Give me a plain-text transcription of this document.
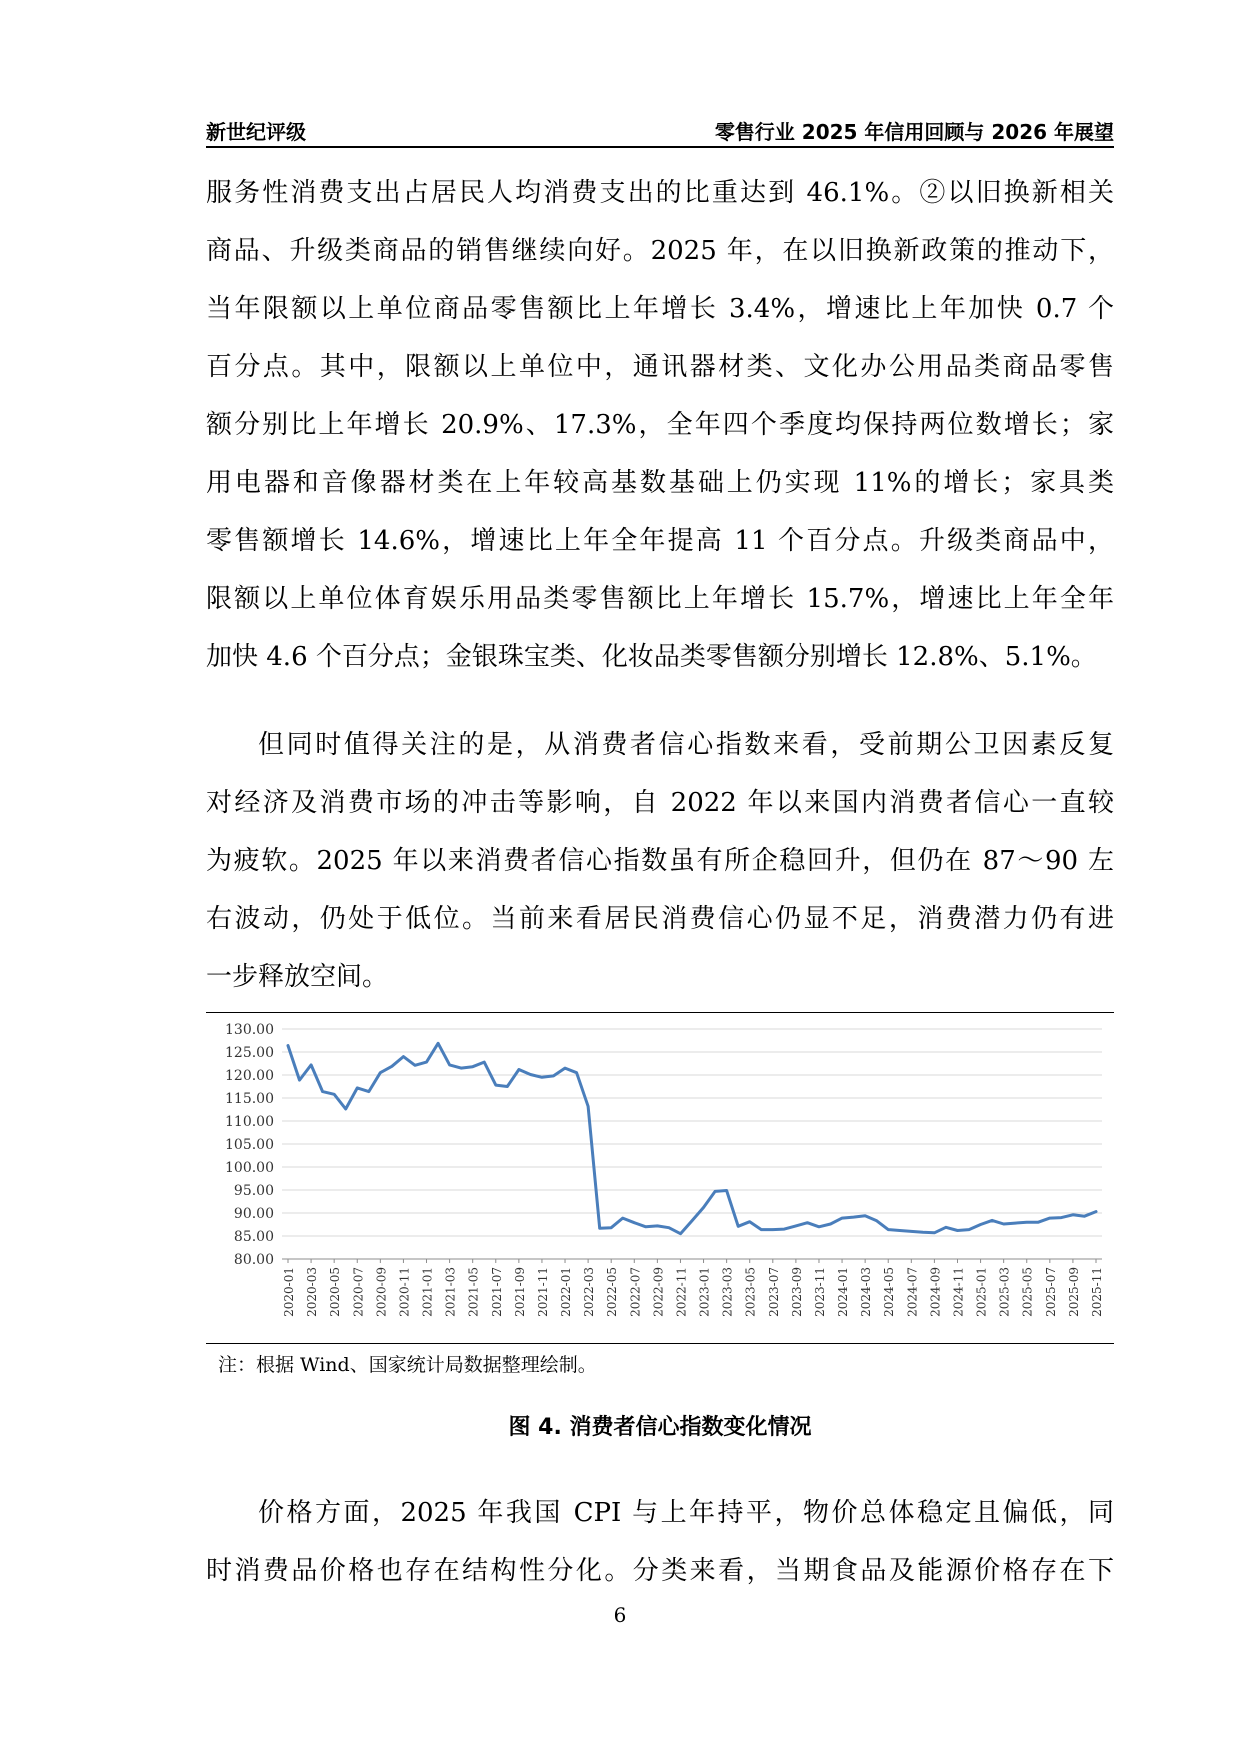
新世纪评级	零售行业 2025 年信用回顾与 2026 年展望
服务性消费支出占居民人均消费支出的比重达到 46.1%。②以旧换新相关
商品、升级类商品的销售继续向好。2025 年，在以旧换新政策的推动下，
当年限额以上单位商品零售额比上年增长 3.4%，增速比上年加快 0.7 个
百分点。其中，限额以上单位中，通讯器材类、文化办公用品类商品零售
额分别比上年增长 20.9%、17.3%，全年四个季度均保持两位数增长；家
用电器和音像器材类在上年较高基数基础上仍实现 11%的增长；家具类
零售额增长 14.6%，增速比上年全年提高 11 个百分点。升级类商品中，
限额以上单位体育娱乐用品类零售额比上年增长 15.7%，增速比上年全年
加快 4.6 个百分点；金银珠宝类、化妆品类零售额分别增长 12.8%、5.1%。
但同时值得关注的是，从消费者信心指数来看，受前期公卫因素反复
对经济及消费市场的冲击等影响，自 2022 年以来国内消费者信心一直较
为疲软。2025 年以来消费者信心指数虽有所企稳回升，但仍在 87～90 左
右波动，仍处于低位。当前来看居民消费信心仍显不足，消费潜力仍有进
一步释放空间。
130.00
125.00
120.00
115.00
110.00
105.00
100.00
95.00
90.00
85.00
80.00
2020-01 2020-03 2020-05 2020-07 2020-09 2020-11 2021-01 2021-03 2021-05 2021-07 2021-09 2021-11 2022-01 2022-03 2022-05 2022-07 2022-09 2022-11 2023-01 2023-03 2023-05 2023-07 2023-09 2023-11 2024-01 2024-03 2024-05 2024-07 2024-09 2024-11 2025-01 2025-03 2025-05 2025-07 2025-09 2025-11
注：根据 Wind、国家统计局数据整理绘制。
图 4. 消费者信心指数变化情况
价格方面，2025 年我国 CPI 与上年持平，物价总体稳定且偏低，同
时消费品价格也存在结构性分化。分类来看，当期食品及能源价格存在下
6
